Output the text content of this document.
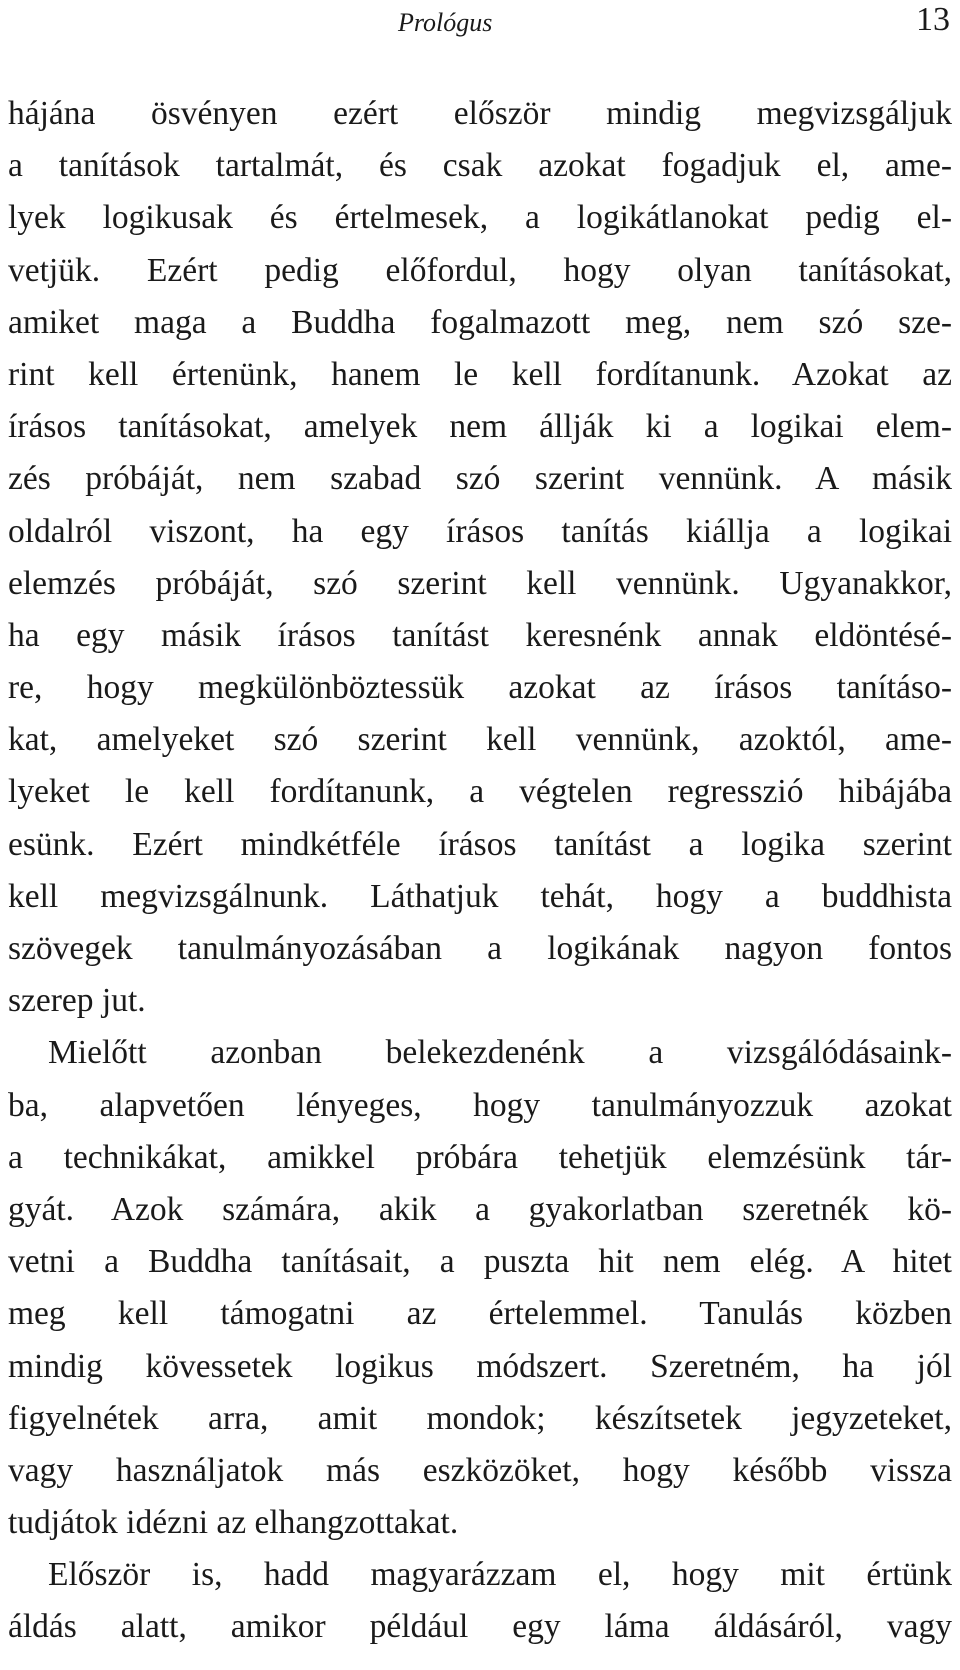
Prológus	13
hájána ösvényen ezért először mindig megvizsgáljuk
a tanítások tartalmát, és csak azokat fogadjuk el, ame-
lyek logikusak és értelmesek, a logikátlanokat pedig el-
vetjük. Ezért pedig előfordul, hogy olyan tanításokat,
amiket maga a Buddha fogalmazott meg, nem szó sze-
rint kell értenünk, hanem le kell fordítanunk. Azokat az
írásos tanításokat, amelyek nem állják ki a logikai elem-
zés próbáját, nem szabad szó szerint vennünk. A másik
oldalról viszont, ha egy írásos tanítás kiállja a logikai
elemzés próbáját, szó szerint kell vennünk. Ugyanakkor,
ha egy másik írásos tanítást keresnénk annak eldöntésé-
re, hogy megkülönböztessük azokat az írásos tanításo-
kat, amelyeket szó szerint kell vennünk, azoktól, ame-
lyeket le kell fordítanunk, a végtelen regresszió hibájába
esünk. Ezért mindkétféle írásos tanítást a logika szerint
kell megvizsgálnunk. Láthatjuk tehát, hogy a buddhista
szövegek tanulmányozásában a logikának nagyon fontos
szerep jut.
Mielőtt azonban belekezdenénk a vizsgálódásaink-
ba, alapvetően lényeges, hogy tanulmányozzuk azokat
a technikákat, amikkel próbára tehetjük elemzésünk tár-
gyát. Azok számára, akik a gyakorlatban szeretnék kö-
vetni a Buddha tanításait, a puszta hit nem elég. A hitet
meg kell támogatni az értelemmel. Tanulás közben
mindig kövessetek logikus módszert. Szeretném, ha jól
figyelnétek arra, amit mondok; készítsetek jegyzeteket,
vagy használjatok más eszközöket, hogy később vissza
tudjátok idézni az elhangzottakat.
Először is, hadd magyarázzam el, hogy mit értünk
áldás alatt, amikor például egy láma áldásáról, vagy
